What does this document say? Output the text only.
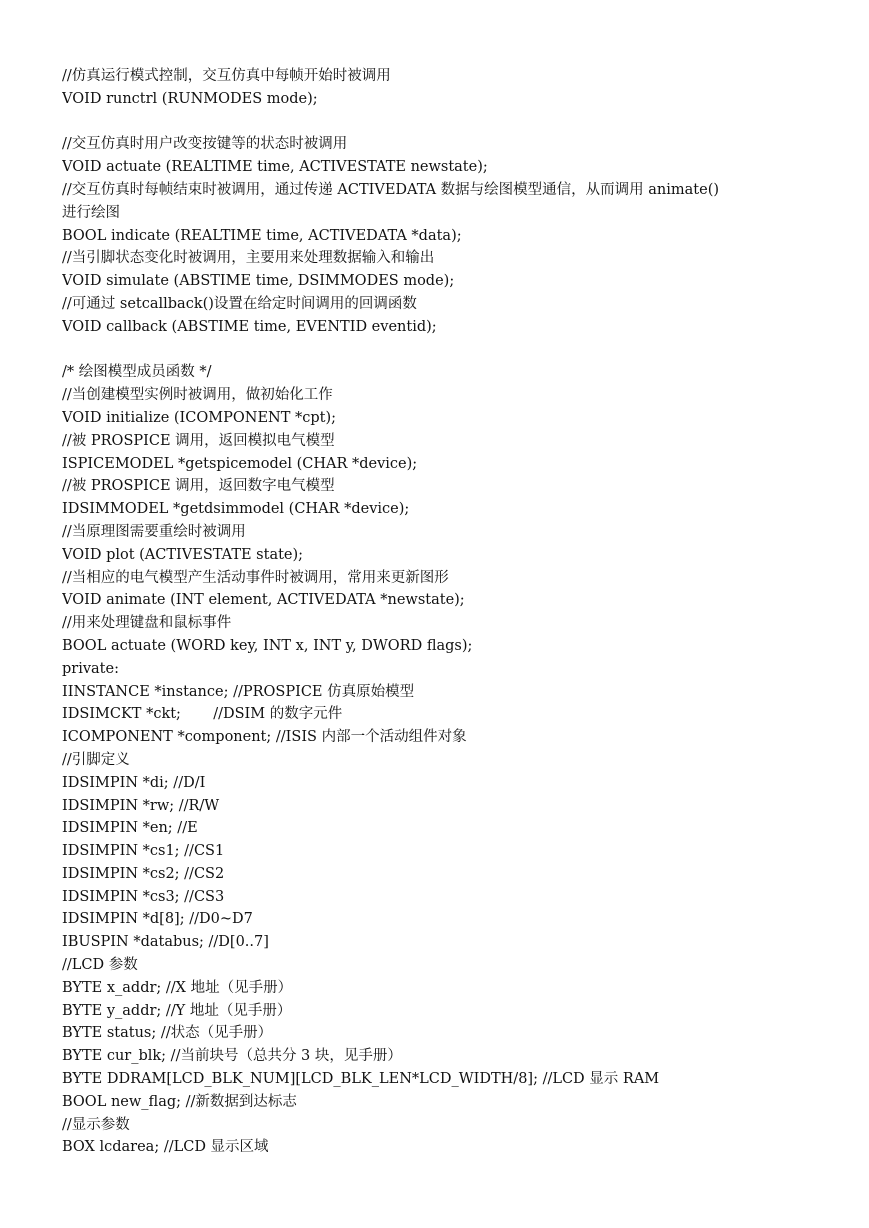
//仿真运行模式控制，交互仿真中每帧开始时被调用
VOID runctrl (RUNMODES mode);
//交互仿真时用户改变按键等的状态时被调用
VOID actuate (REALTIME time, ACTIVESTATE newstate);
//交互仿真时每帧结束时被调用，通过传递 ACTIVEDATA 数据与绘图模型通信，从而调用 animate()
进行绘图
BOOL indicate (REALTIME time, ACTIVEDATA *data);
//当引脚状态变化时被调用，主要用来处理数据输入和输出
VOID simulate (ABSTIME time, DSIMMODES mode);
//可通过 setcallback()设置在给定时间调用的回调函数
VOID callback (ABSTIME time, EVENTID eventid);
/* 绘图模型成员函数 */
//当创建模型实例时被调用，做初始化工作
VOID initialize (ICOMPONENT *cpt);
//被 PROSPICE 调用，返回模拟电气模型
ISPICEMODEL *getspicemodel (CHAR *device);
//被 PROSPICE 调用，返回数字电气模型
IDSIMMODEL *getdsimmodel (CHAR *device);
//当原理图需要重绘时被调用
VOID plot (ACTIVESTATE state);
//当相应的电气模型产生活动事件时被调用，常用来更新图形
VOID animate (INT element, ACTIVEDATA *newstate);
//用来处理键盘和鼠标事件
BOOL actuate (WORD key, INT x, INT y, DWORD flags);
private:
IINSTANCE *instance; //PROSPICE 仿真原始模型
IDSIMCKT *ckt;       //DSIM 的数字元件
ICOMPONENT *component; //ISIS 内部一个活动组件对象
//引脚定义
IDSIMPIN *di; //D/I
IDSIMPIN *rw; //R/W
IDSIMPIN *en; //E
IDSIMPIN *cs1; //CS1
IDSIMPIN *cs2; //CS2
IDSIMPIN *cs3; //CS3
IDSIMPIN *d[8]; //D0~D7
IBUSPIN *databus; //D[0..7]
//LCD 参数
BYTE x_addr; //X 地址（见手册）
BYTE y_addr; //Y 地址（见手册）
BYTE status; //状态（见手册）
BYTE cur_blk; //当前块号（总共分 3 块，见手册）
BYTE DDRAM[LCD_BLK_NUM][LCD_BLK_LEN*LCD_WIDTH/8]; //LCD 显示 RAM
BOOL new_flag; //新数据到达标志
//显示参数
BOX lcdarea; //LCD 显示区域
